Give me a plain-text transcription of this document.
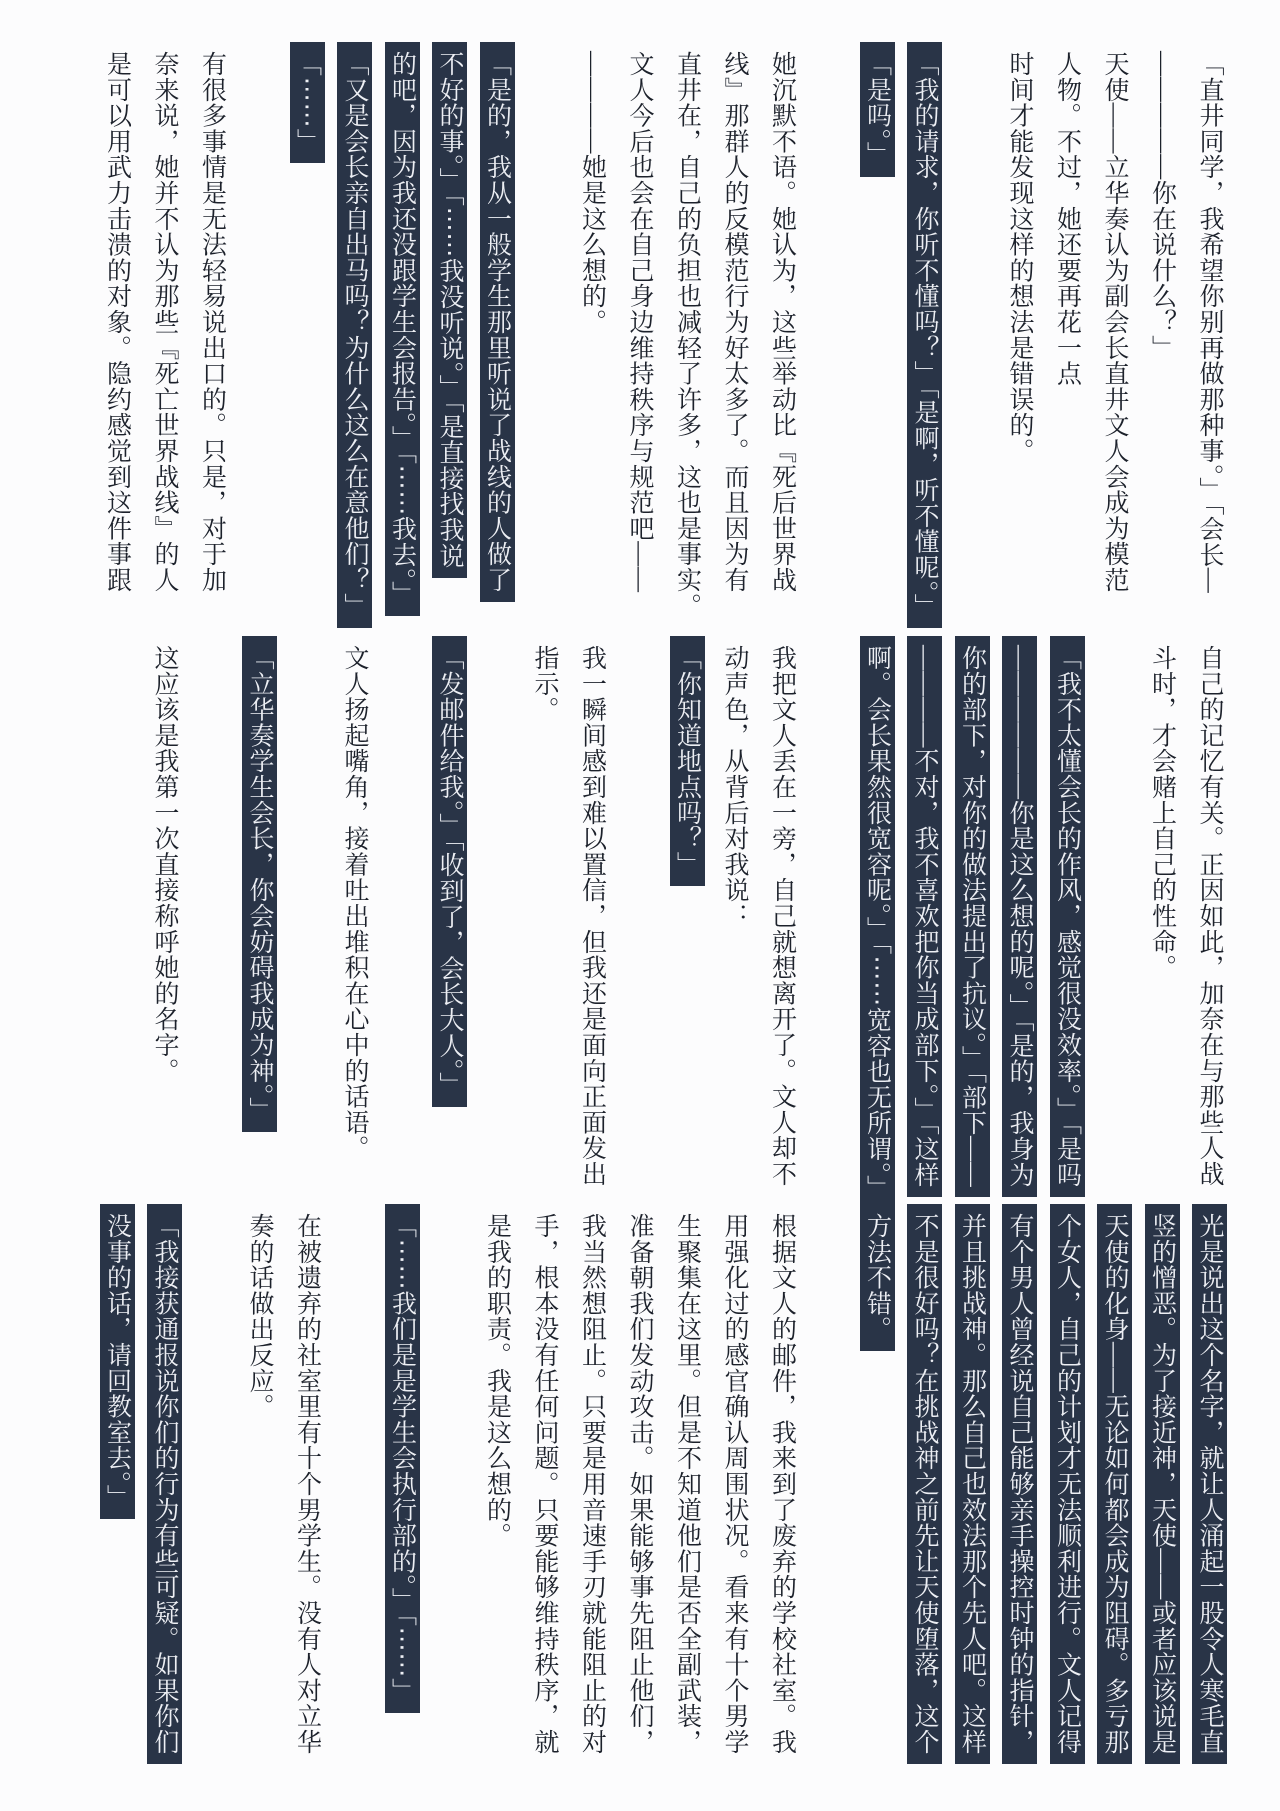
「直井同学，我希望你别再做那种事。」「会长—
—————你在说什么？」
天使——立华奏认为副会长直井文人会成为模范
人物。不过，她还要再花一点
时间才能发现这样的想法是错误的。
「我的请求，你听不懂吗？」「是啊，听不懂呢。」
「是吗。」
她沉默不语。她认为，这些举动比『死后世界战
线』那群人的反模范行为好太多了。而且因为有
直井在，自己的负担也减轻了许多，这也是事实。
文人今后也会在自己身边维持秩序与规范吧——
————她是这么想的。
「是的，我从一般学生那里听说了战线的人做了
不好的事。」「⋯⋯我没听说。」「是直接找我说
的吧，因为我还没跟学生会报告。」「⋯⋯我去。」
「又是会长亲自出马吗？为什么这么在意他们？」
「⋯⋯」
有很多事情是无法轻易说出口的。只是，对于加
奈来说，她并不认为那些『死亡世界战线』的人
是可以用武力击溃的对象。隐约感觉到这件事跟
自己的记忆有关。正因如此，加奈在与那些人战
斗时，才会赌上自己的性命。
「我不太懂会长的作风，感觉很没效率。」「是吗
——————你是这么想的呢。」「是的，我身为
你的部下，对你的做法提出了抗议。」「部下——
————不对，我不喜欢把你当成部下。」「这样
啊。会长果然很宽容呢。」「⋯⋯宽容也无所谓。」
我把文人丢在一旁，自己就想离开了。文人却不
动声色，从背后对我说：
「你知道地点吗？」
我一瞬间感到难以置信，但我还是面向正面发出
指示。
「发邮件给我。」「收到了，会长大人。」
文人扬起嘴角，接着吐出堆积在心中的话语。
「立华奏学生会长，你会妨碍我成为神。」
这应该是我第一次直接称呼她的名字。
光是说出这个名字，就让人涌起一股令人寒毛直
竖的憎恶。为了接近神，天使——或者应该说是
天使的化身——无论如何都会成为阻碍。多亏那
个女人，自己的计划才无法顺利进行。文人记得
有个男人曾经说自己能够亲手操控时钟的指针，
并且挑战神。那么自己也效法那个先人吧。这样
不是很好吗？在挑战神之前先让天使堕落，这个
方法不错。
根据文人的邮件，我来到了废弃的学校社室。我
用强化过的感官确认周围状况。看来有十个男学
生聚集在这里。但是不知道他们是否全副武装，
准备朝我们发动攻击。如果能够事先阻止他们，
我当然想阻止。只要是用音速手刃就能阻止的对
手，根本没有任何问题。只要能够维持秩序，就
是我的职责。我是这么想的。
「⋯⋯我们是是学生会执行部的。」「⋯⋯」
在被遗弃的社室里有十个男学生。没有人对立华
奏的话做出反应。
「我接获通报说你们的行为有些可疑。如果你们
没事的话，请回教室去。」
